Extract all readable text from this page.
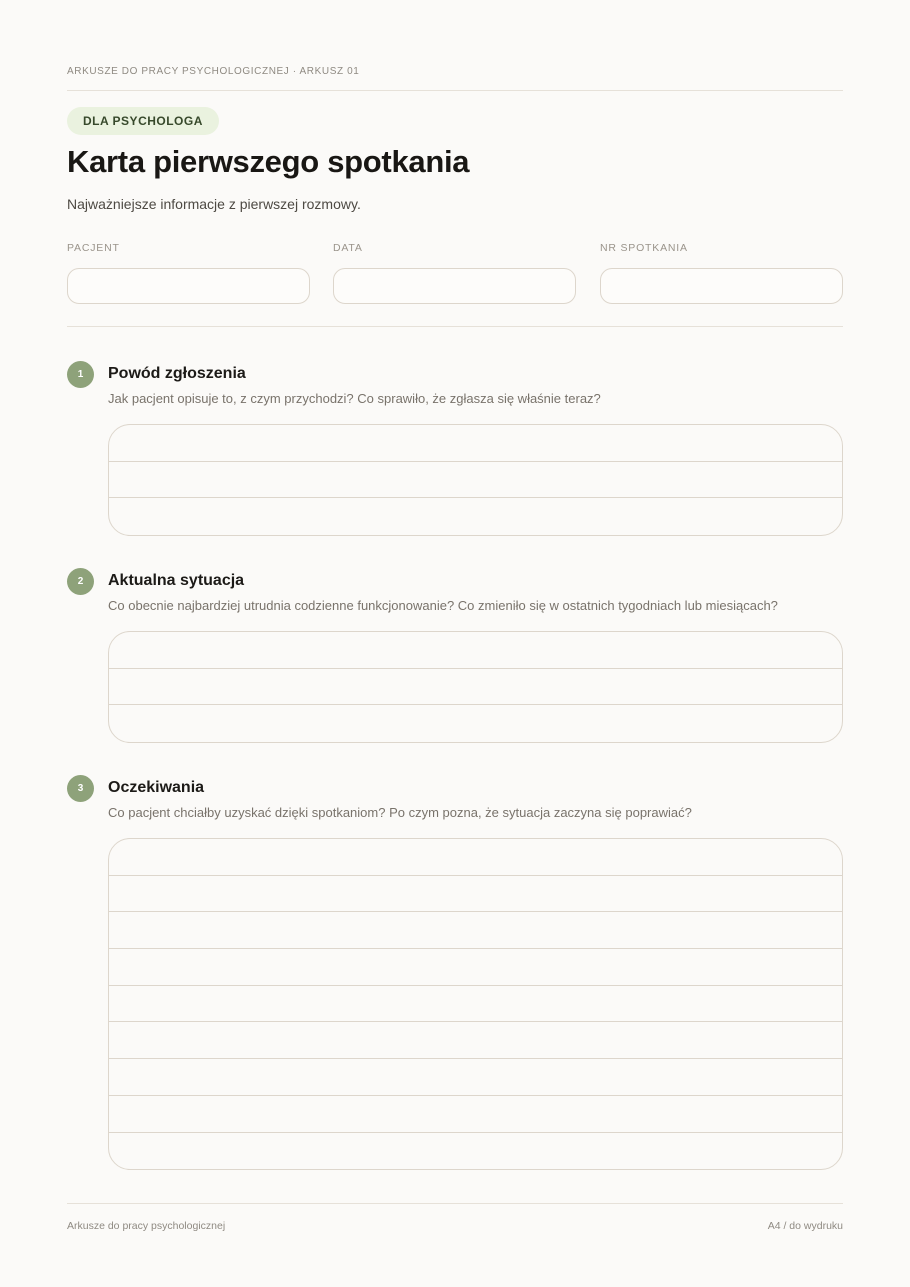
ARKUSZE DO PRACY PSYCHOLOGICZNEJ · ARKUSZ 01
DLA PSYCHOLOGA
Karta pierwszego spotkania
Najważniejsze informacje z pierwszej rozmowy.
PACJENT	DATA	NR SPOTKANIA
1	Powód zgłoszenia
Jak pacjent opisuje to, z czym przychodzi? Co sprawiło, że zgłasza się właśnie teraz?
2	Aktualna sytuacja
Co obecnie najbardziej utrudnia codzienne funkcjonowanie? Co zmieniło się w ostatnich tygodniach lub miesiącach?
3	Oczekiwania
Co pacjent chciałby uzyskać dzięki spotkaniom? Po czym pozna, że sytuacja zaczyna się poprawiać?
Arkusze do pracy psychologicznej	A4 / do wydruku
